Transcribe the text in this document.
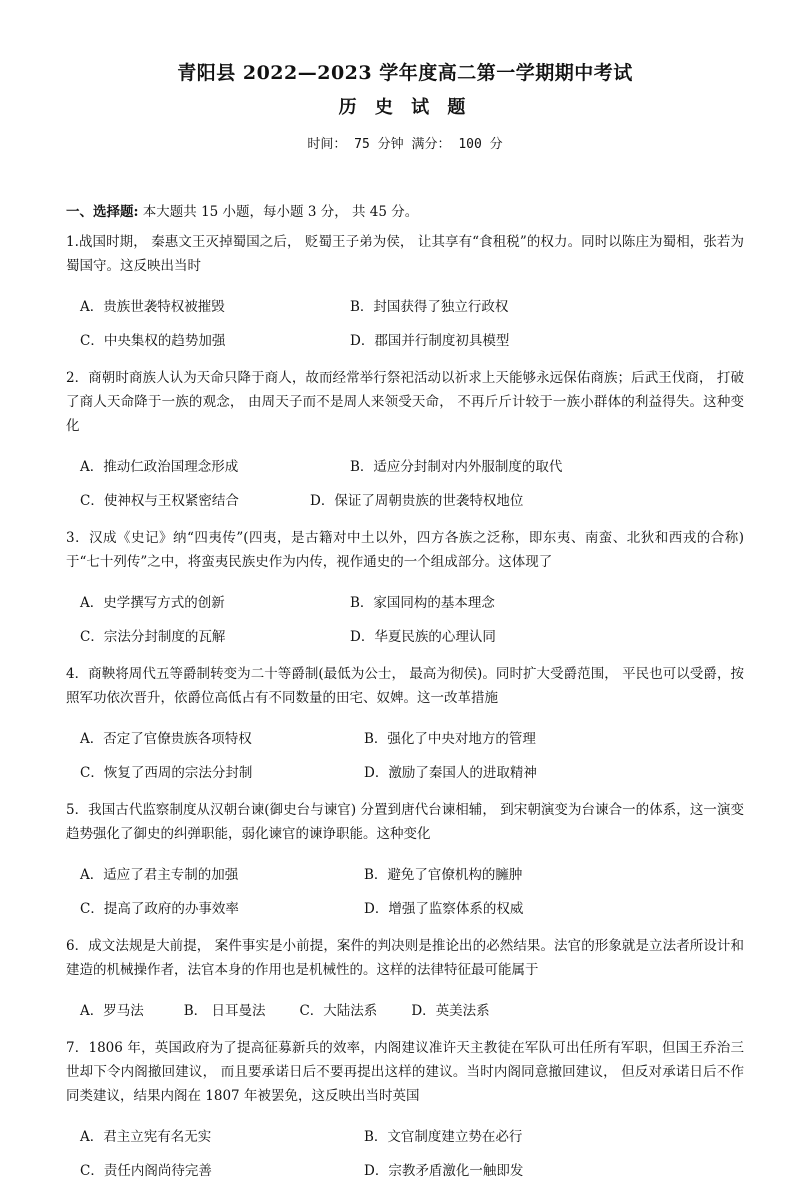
青阳县 2022—2023 学年度高二第一学期期中考试
历 史 试 题
时间： 75 分钟 满分： 100 分
一、选择题: 本大题共 15 小题，每小题 3 分， 共 45 分。
1.战国时期， 秦惠文王灭掉蜀国之后， 贬蜀王子弟为侯， 让其享有“食租税”的权力。同时以陈庄为蜀相，张若为蜀国守。这反映出当时
A．贵族世袭特权被摧毁	B．封国获得了独立行政权
C．中央集权的趋势加强	D．郡国并行制度初具模型
2．商朝时商族人认为天命只降于商人，故而经常举行祭祀活动以祈求上天能够永远保佑商族；后武王伐商， 打破了商人天命降于一族的观念， 由周天子而不是周人来领受天命， 不再斤斤计较于一族小群体的利益得失。这种变化
A．推动仁政治国理念形成	B．适应分封制对内外服制度的取代
C．使神权与王权紧密结合	D．保证了周朝贵族的世袭特权地位
3．汉成《史记》纳“四夷传”(四夷，是古籍对中土以外，四方各族之泛称，即东夷、南蛮、北狄和西戎的合称)于“七十列传”之中，将蛮夷民族史作为内传，视作通史的一个组成部分。这体现了
A．史学撰写方式的创新	B．家国同构的基本理念
C．宗法分封制度的瓦解	D．华夏民族的心理认同
4．商鞅将周代五等爵制转变为二十等爵制(最低为公士， 最高为彻侯)。同时扩大受爵范围， 平民也可以受爵，按照军功依次晋升，依爵位高低占有不同数量的田宅、奴婢。这一改革措施
A．否定了官僚贵族各项特权	B．强化了中央对地方的管理
C．恢复了西周的宗法分封制	D．激励了秦国人的进取精神
5．我国古代监察制度从汉朝台谏(御史台与谏官) 分置到唐代台谏相辅， 到宋朝演变为台谏合一的体系，这一演变趋势强化了御史的纠弹职能，弱化谏官的谏诤职能。这种变化
A．适应了君主专制的加强	B．避免了官僚机构的臃肿
C．提高了政府的办事效率	D．增强了监察体系的权威
6．成文法规是大前提， 案件事实是小前提，案件的判决则是推论出的必然结果。法官的形象就是立法者所设计和建造的机械操作者，法官本身的作用也是机械性的。这样的法律特征最可能属于
A．罗马法	B． 日耳曼法	C．大陆法系	D．英美法系
7．1806 年，英国政府为了提高征募新兵的效率，内阁建议准许天主教徒在军队可出任所有军职，但国王乔治三世却下令内阁撤回建议， 而且要承诺日后不要再提出这样的建议。当时内阁同意撤回建议， 但反对承诺日后不作同类建议，结果内阁在 1807 年被罢免，这反映出当时英国
A．君主立宪有名无实	B．文官制度建立势在必行
C．责任内阁尚待完善	D．宗教矛盾激化一触即发
